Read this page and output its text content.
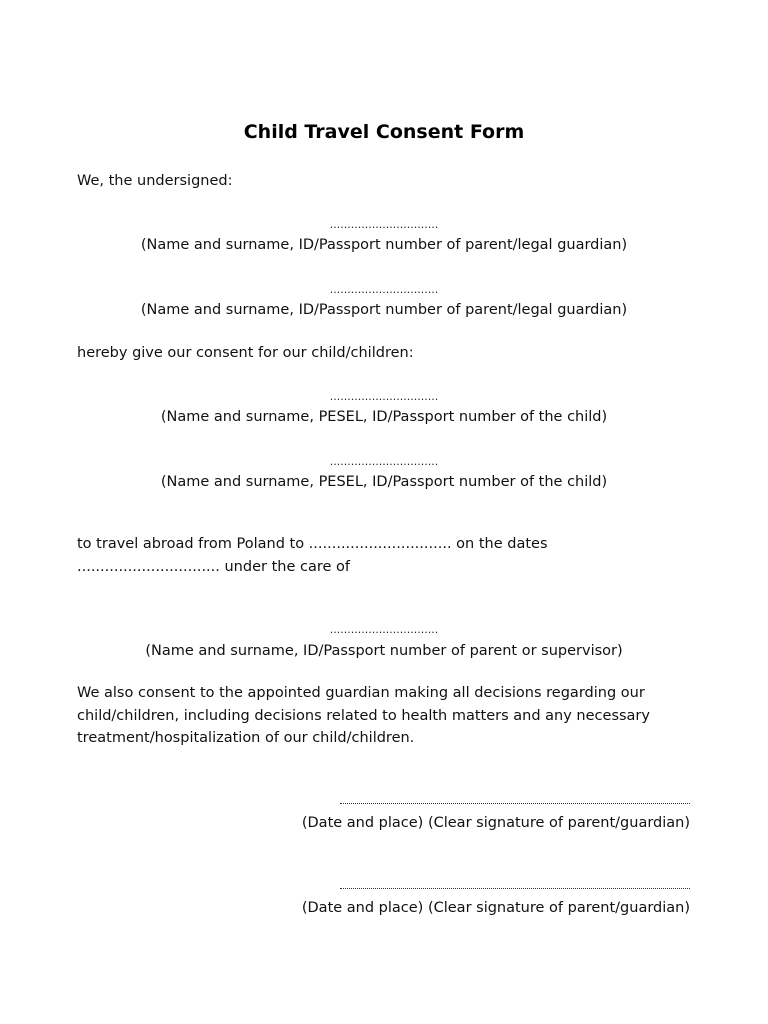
Child Travel Consent Form
We, the undersigned:
...............................
(Name and surname, ID/Passport number of parent/legal guardian)
...............................
(Name and surname, ID/Passport number of parent/legal guardian)
hereby give our consent for our child/children:
...............................
(Name and surname, PESEL, ID/Passport number of the child)
...............................
(Name and surname, PESEL, ID/Passport number of the child)
to travel abroad from Poland to ............................... on the dates ............................... under the care of
...............................
(Name and surname, ID/Passport number of parent or supervisor)
We also consent to the appointed guardian making all decisions regarding our child/children, including decisions related to health matters and any necessary treatment/hospitalization of our child/children.
(Date and place) (Clear signature of parent/guardian)
(Date and place) (Clear signature of parent/guardian)
